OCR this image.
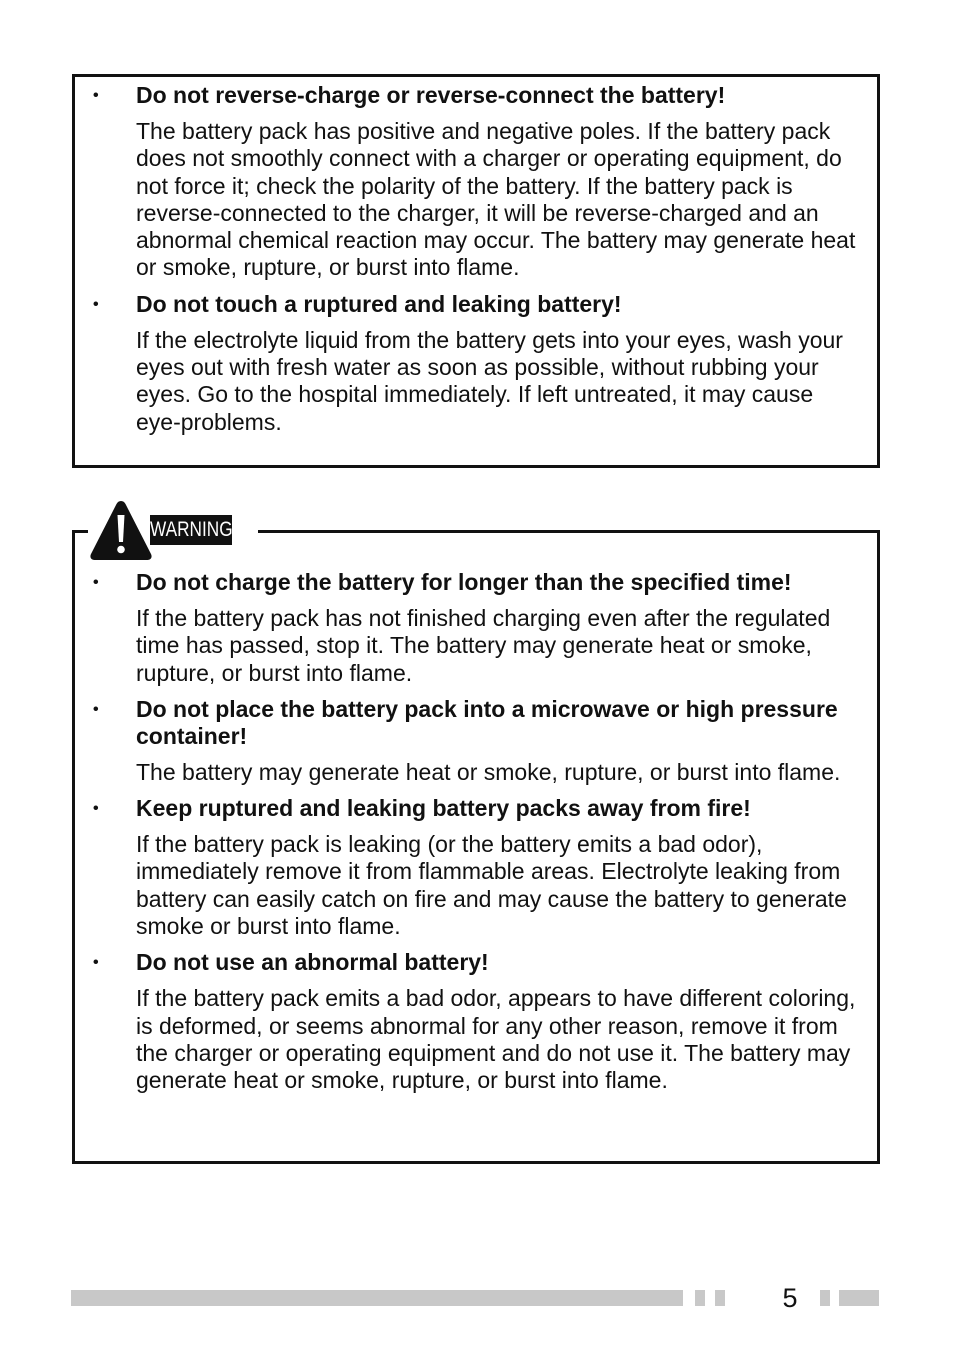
• Do not reverse-charge or reverse-connect the battery!

The battery pack has positive and negative poles. If the battery pack does not smoothly connect with a charger or operating equipment, do not force it; check the polarity of the battery. If the battery pack is reverse-connected to the charger, it will be reverse-charged and an abnormal chemical reaction may occur. The battery may generate heat or smoke, rupture, or burst into flame.

• Do not touch a ruptured and leaking battery!

If the electrolyte liquid from the battery gets into your eyes, wash your eyes out with fresh water as soon as possible, without rubbing your eyes. Go to the hospital immediately. If left untreated, it may cause eye-problems.

• Do not charge the battery for longer than the specified time!

If the battery pack has not finished charging even after the regulated time has passed, stop it. The battery may generate heat or smoke, rupture, or burst into flame.

• Do not place the battery pack into a microwave or high pressure container!

The battery may generate heat or smoke, rupture, or burst into flame.

• Keep ruptured and leaking battery packs away from fire!

If the battery pack is leaking (or the battery emits a bad odor), immediately remove it from flammable areas. Electrolyte leaking from battery can easily catch on fire and may cause the battery to generate smoke or burst into flame.

• Do not use an abnormal battery!

If the battery pack emits a bad odor, appears to have different coloring, is deformed, or seems abnormal for any other reason, remove it from the charger or operating equipment and do not use it. The battery may generate heat or smoke, rupture, or burst into flame.

WARNING
5
